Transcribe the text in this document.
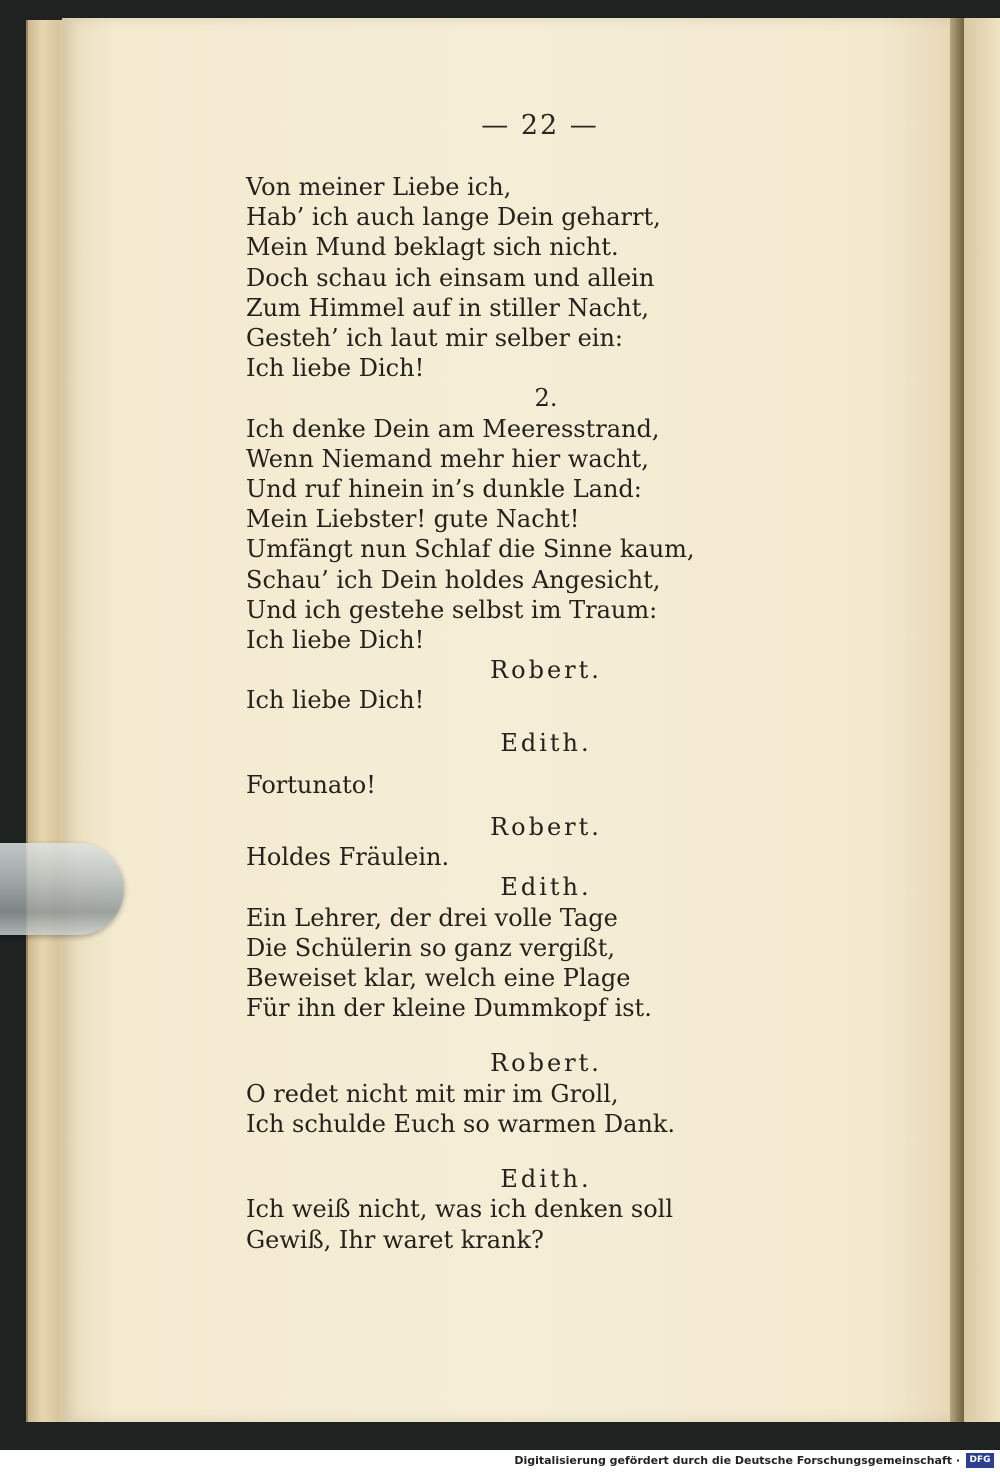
— 22 —
Von meiner Liebe ich,
Hab’ ich auch lange Dein geharrt,
Mein Mund beklagt sich nicht.
Doch schau ich einsam und allein
Zum Himmel auf in stiller Nacht,
Gesteh’ ich laut mir selber ein:
Ich liebe Dich!
2.
Ich denke Dein am Meeresstrand,
Wenn Niemand mehr hier wacht,
Und ruf hinein in’s dunkle Land:
Mein Liebster! gute Nacht!
Umfängt nun Schlaf die Sinne kaum,
Schau’ ich Dein holdes Angesicht,
Und ich gestehe selbst im Traum:
Ich liebe Dich!
Robert.
Ich liebe Dich!
Edith.
Fortunato!
Robert.
Holdes Fräulein.
Edith.
Ein Lehrer, der drei volle Tage
Die Schülerin so ganz vergißt,
Beweiset klar, welch eine Plage
Für ihn der kleine Dummkopf ist.
Robert.
O redet nicht mit mir im Groll,
Ich schulde Euch so warmen Dank.
Edith.
Ich weiß nicht, was ich denken soll
Gewiß, Ihr waret krank?
Digitalisierung gefördert durch die Deutsche Forschungsgemeinschaft ·	DFG
